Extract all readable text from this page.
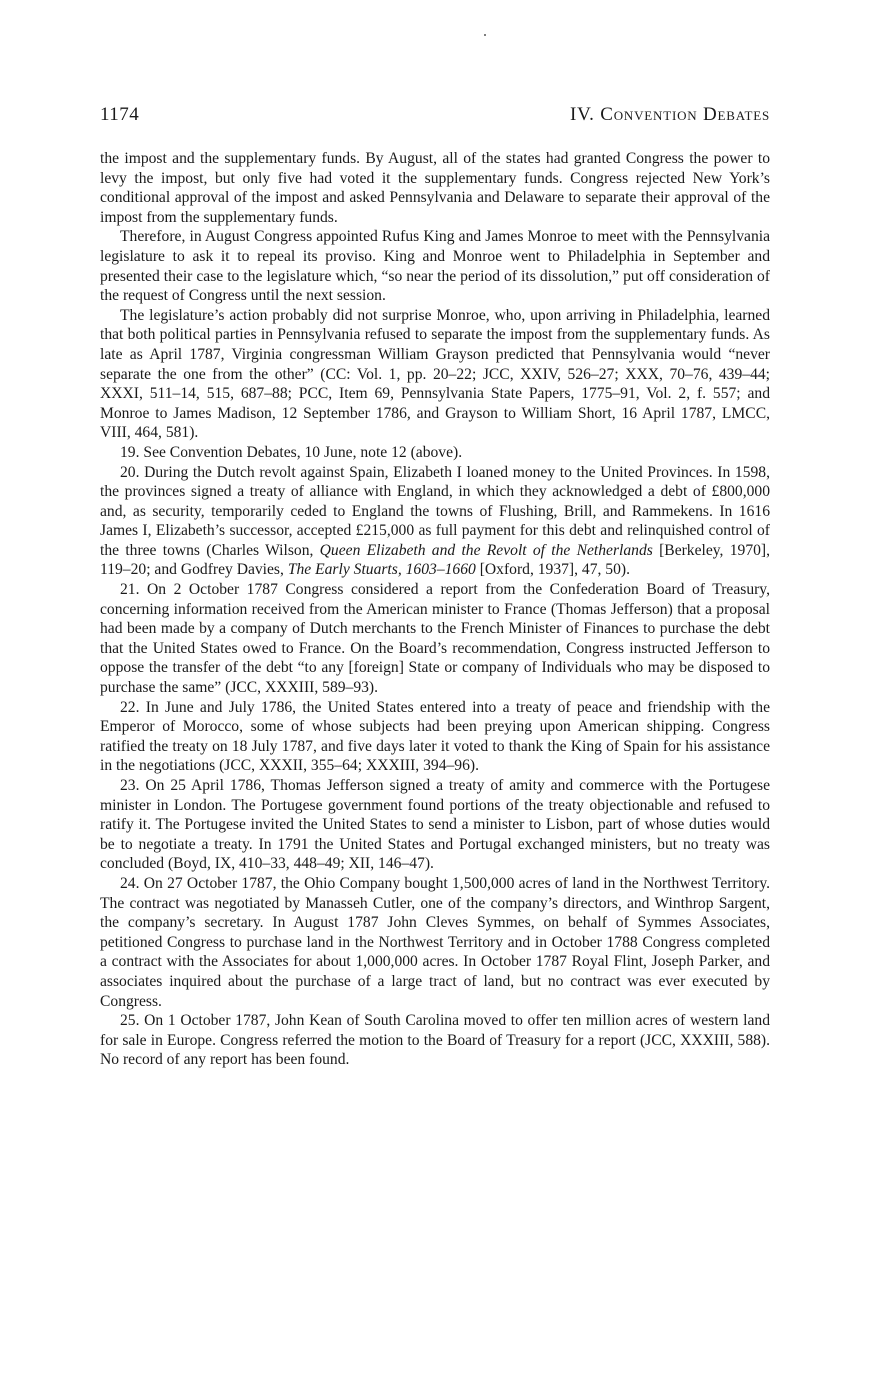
1174	IV. Convention Debates

the impost and the supplementary funds. By August, all of the states had granted Congress the power to levy the impost, but only five had voted it the supplementary funds. Congress rejected New York’s conditional approval of the impost and asked Pennsylvania and Delaware to separate their approval of the impost from the supplementary funds.

Therefore, in August Congress appointed Rufus King and James Monroe to meet with the Pennsylvania legislature to ask it to repeal its proviso. King and Monroe went to Philadelphia in September and presented their case to the legislature which, “so near the period of its dissolution,” put off consideration of the request of Congress until the next session.

The legislature’s action probably did not surprise Monroe, who, upon arriving in Philadelphia, learned that both political parties in Pennsylvania refused to separate the impost from the supplementary funds. As late as April 1787, Virginia congressman William Grayson predicted that Pennsylvania would “never separate the one from the other” (CC: Vol. 1, pp. 20–22; JCC, XXIV, 526–27; XXX, 70–76, 439–44; XXXI, 511–14, 515, 687–88; PCC, Item 69, Pennsylvania State Papers, 1775–91, Vol. 2, f. 557; and Monroe to James Madison, 12 September 1786, and Grayson to William Short, 16 April 1787, LMCC, VIII, 464, 581).

19. See Convention Debates, 10 June, note 12 (above).

20. During the Dutch revolt against Spain, Elizabeth I loaned money to the United Provinces. In 1598, the provinces signed a treaty of alliance with England, in which they acknowledged a debt of £800,000 and, as security, temporarily ceded to England the towns of Flushing, Brill, and Rammekens. In 1616 James I, Elizabeth’s successor, accepted £215,000 as full payment for this debt and relinquished control of the three towns (Charles Wilson, Queen Elizabeth and the Revolt of the Netherlands [Berkeley, 1970], 119–20; and Godfrey Davies, The Early Stuarts, 1603–1660 [Oxford, 1937], 47, 50).

21. On 2 October 1787 Congress considered a report from the Confederation Board of Treasury, concerning information received from the American minister to France (Thomas Jefferson) that a proposal had been made by a company of Dutch merchants to the French Minister of Finances to purchase the debt that the United States owed to France. On the Board’s recommendation, Congress instructed Jefferson to oppose the transfer of the debt “to any [foreign] State or company of Individuals who may be disposed to purchase the same” (JCC, XXXIII, 589–93).

22. In June and July 1786, the United States entered into a treaty of peace and friendship with the Emperor of Morocco, some of whose subjects had been preying upon American shipping. Congress ratified the treaty on 18 July 1787, and five days later it voted to thank the King of Spain for his assistance in the negotiations (JCC, XXXII, 355–64; XXXIII, 394–96).

23. On 25 April 1786, Thomas Jefferson signed a treaty of amity and commerce with the Portugese minister in London. The Portugese government found portions of the treaty objectionable and refused to ratify it. The Portugese invited the United States to send a minister to Lisbon, part of whose duties would be to negotiate a treaty. In 1791 the United States and Portugal exchanged ministers, but no treaty was concluded (Boyd, IX, 410–33, 448–49; XII, 146–47).

24. On 27 October 1787, the Ohio Company bought 1,500,000 acres of land in the Northwest Territory. The contract was negotiated by Manasseh Cutler, one of the company’s directors, and Winthrop Sargent, the company’s secretary. In August 1787 John Cleves Symmes, on behalf of Symmes Associates, petitioned Congress to purchase land in the Northwest Territory and in October 1788 Congress completed a contract with the Associates for about 1,000,000 acres. In October 1787 Royal Flint, Joseph Parker, and associates inquired about the purchase of a large tract of land, but no contract was ever executed by Congress.

25. On 1 October 1787, John Kean of South Carolina moved to offer ten million acres of western land for sale in Europe. Congress referred the motion to the Board of Treasury for a report (JCC, XXXIII, 588). No record of any report has been found.
